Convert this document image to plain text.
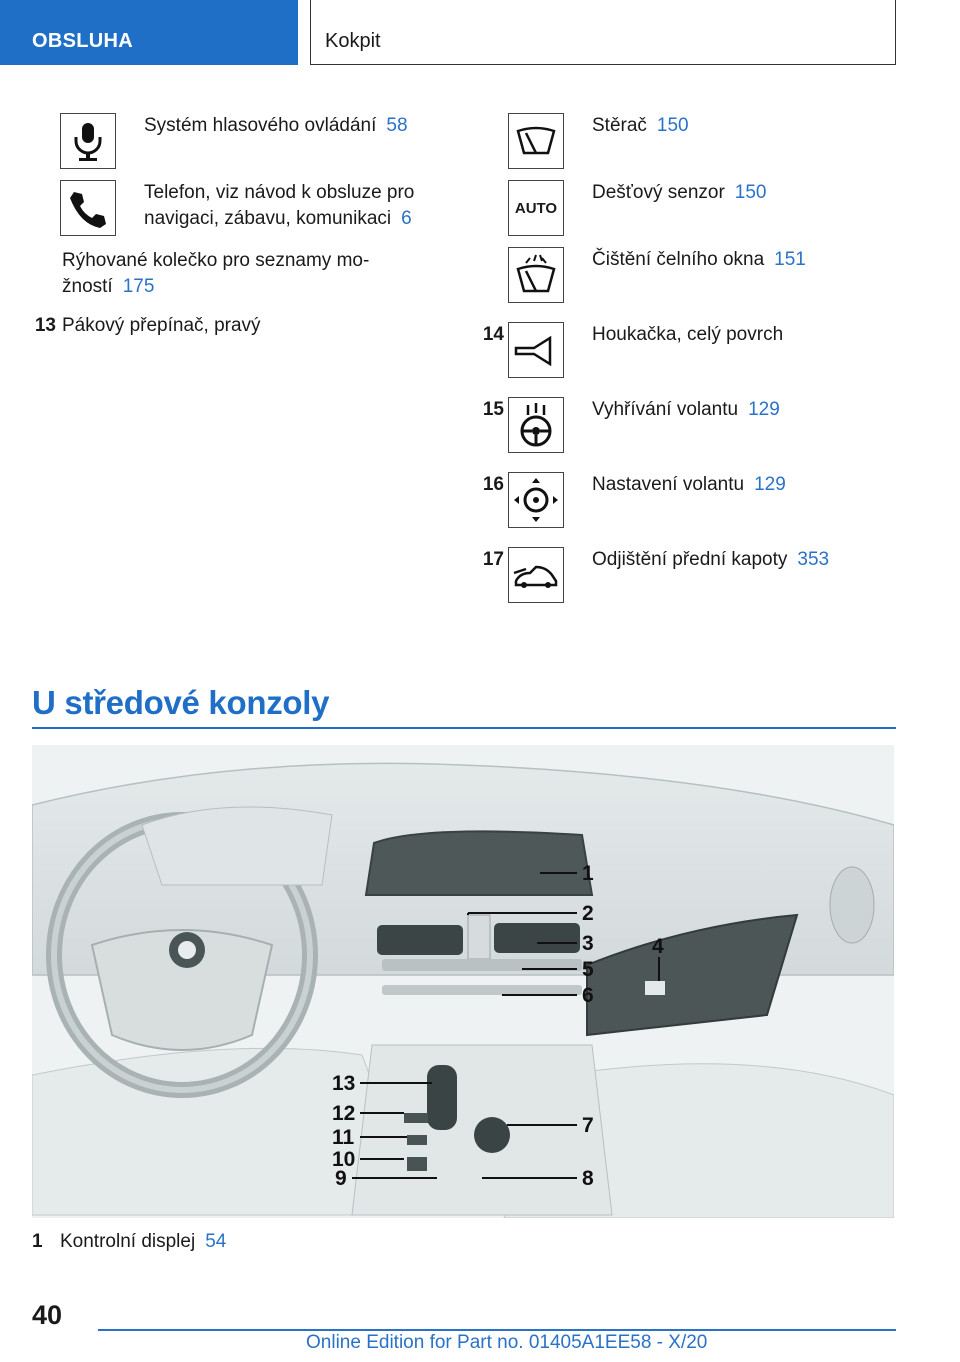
OBSLUHA	Kokpit
Systém hlasového ovládání 58
Telefon, viz návod k obsluze pro
navigaci, zábavu, komunikaci 6
Rýhované kolečko pro seznamy mo-
žností 175
13 Pákový přepínač, pravý
Stěrač 150
AUTO
Dešťový senzor 150
Čištění čelního okna 151
14	Houkačka, celý povrch
15	Vyhřívání volantu 129
16	Nastavení volantu 129
17	Odjištění přední kapoty 353
U středové konzoly
1
2
3	4
5
6
7
8
9
10
11
12
13
1 Kontrolní displej 54
40
Online Edition for Part no. 01405A1EE58 - X/20
